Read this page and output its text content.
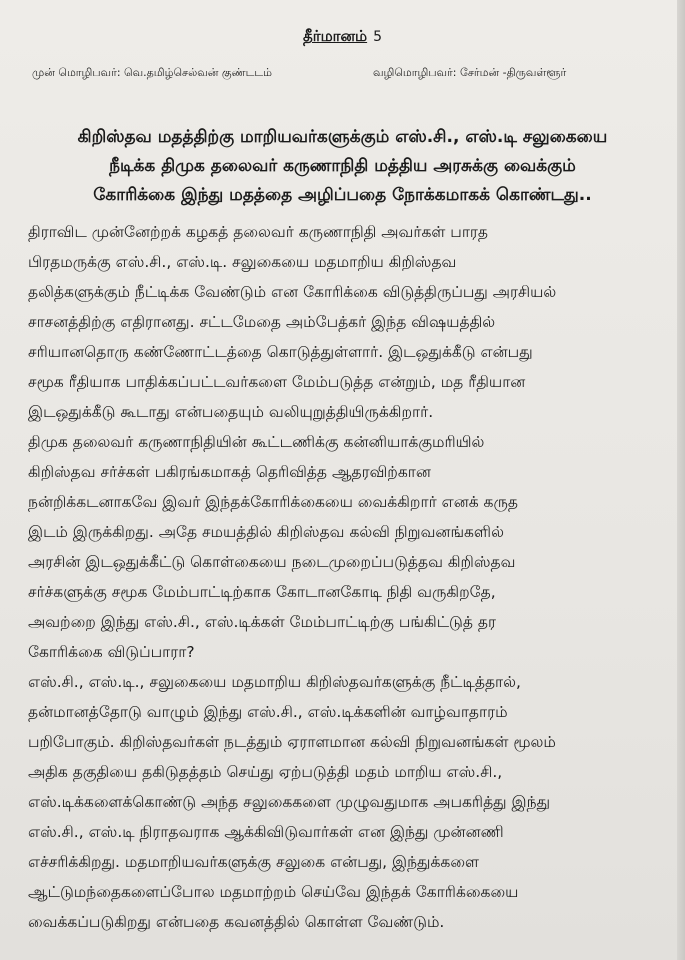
தீர்மானம் 5
முன் மொழிபவர்: வெ.தமிழ்செல்வன் குண்டடம்	வழிமொழிபவர்: சேர்மன் -திருவள்ளூர்
கிறிஸ்தவ மதத்திற்கு மாறியவர்களுக்கும் எஸ்.சி., எஸ்.டி சலுகையை
நீடிக்க திமுக தலைவர் கருணாநிதி மத்திய அரசுக்கு வைக்கும்
கோரிக்கை இந்து மதத்தை அழிப்பதை நோக்கமாகக் கொண்டது..
திராவிட முன்னேற்றக் கழகத் தலைவர் கருணாநிதி அவர்கள் பாரத
பிரதமருக்கு எஸ்.சி., எஸ்.டி. சலுகையை மதமாறிய கிறிஸ்தவ
தலித்களுக்கும் நீட்டிக்க வேண்டும் என கோரிக்கை விடுத்திருப்பது அரசியல்
சாசனத்திற்கு எதிரானது. சட்டமேதை அம்பேத்கர் இந்த விஷயத்தில்
சரியானதொரு கண்ணோட்டத்தை கொடுத்துள்ளார். இடஒதுக்கீடு என்பது
சமூக ரீதியாக பாதிக்கப்பட்டவர்களை மேம்படுத்த என்றும், மத ரீதியான
இடஒதுக்கீடு கூடாது என்பதையும் வலியுறுத்தியிருக்கிறார்.
திமுக தலைவர் கருணாநிதியின் கூட்டணிக்கு கன்னியாக்குமரியில்
கிறிஸ்தவ சர்ச்கள் பகிரங்கமாகத் தெரிவித்த ஆதரவிற்கான
நன்றிக்கடனாகவே இவர் இந்தக்கோரிக்கையை வைக்கிறார் எனக் கருத
இடம் இருக்கிறது. அதே சமயத்தில் கிறிஸ்தவ கல்வி நிறுவனங்களில்
அரசின் இடஒதுக்கீட்டு கொள்கையை நடைமுறைப்படுத்தவ கிறிஸ்தவ
சர்ச்களுக்கு சமூக மேம்பாட்டிற்காக கோடானகோடி நிதி வருகிறதே,
அவற்றை இந்து எஸ்.சி., எஸ்.டிக்கள் மேம்பாட்டிற்கு பங்கிட்டுத் தர
கோரிக்கை விடுப்பாரா?
எஸ்.சி., எஸ்.டி., சலுகையை மதமாறிய கிறிஸ்தவர்களுக்கு நீட்டித்தால்,
தன்மானத்தோடு வாழும் இந்து எஸ்.சி., எஸ்.டிக்களின் வாழ்வாதாரம்
பறிபோகும். கிறிஸ்தவர்கள் நடத்தும் ஏராளமான கல்வி நிறுவனங்கள் மூலம்
அதிக தகுதியை தகிடுதத்தம் செய்து ஏற்படுத்தி மதம் மாறிய எஸ்.சி.,
எஸ்.டிக்களைக்கொண்டு அந்த சலுகைகளை முழுவதுமாக அபகரித்து இந்து
எஸ்.சி., எஸ்.டி நிராதவராக ஆக்கிவிடுவார்கள் என இந்து முன்னணி
எச்சரிக்கிறது. மதமாறியவர்களுக்கு சலுகை என்பது, இந்துக்களை
ஆட்டுமந்தைகளைப்போல மதமாற்றம் செய்வே இந்தக் கோரிக்கையை
வைக்கப்படுகிறது என்பதை கவனத்தில் கொள்ள வேண்டும்.
